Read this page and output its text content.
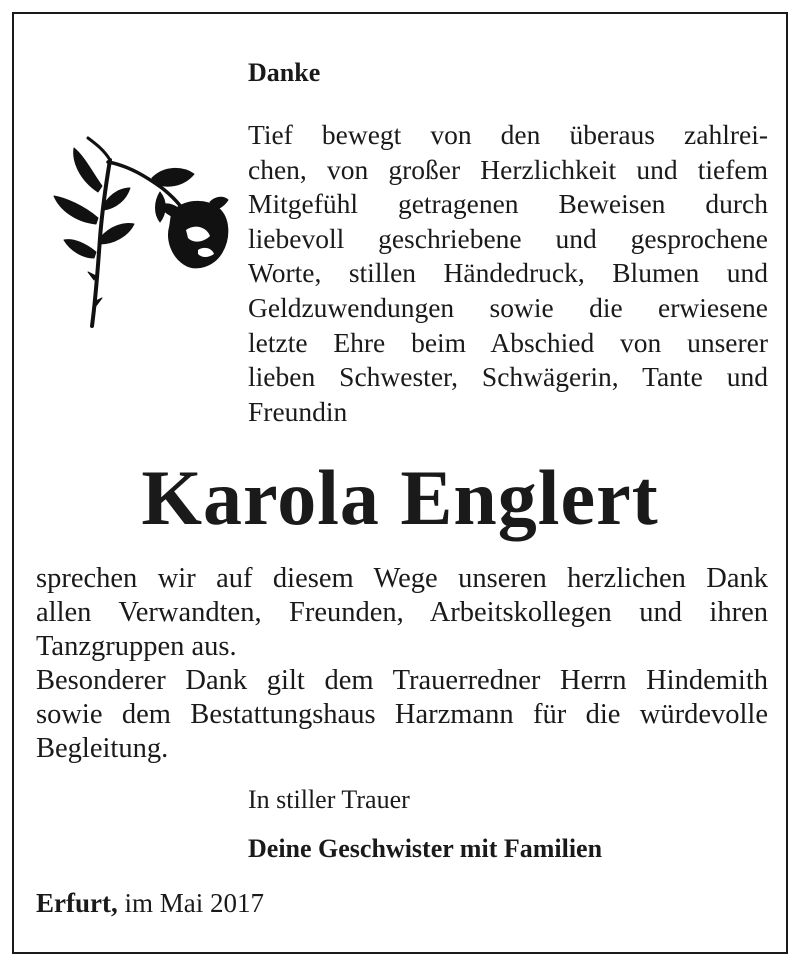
Danke
Tief bewegt von den überaus zahlrei-
chen, von großer Herzlichkeit und tiefem
Mitgefühl getragenen Beweisen durch
liebevoll geschriebene und gesprochene
Worte, stillen Händedruck, Blumen und
Geldzuwendungen sowie die erwiesene
letzte Ehre beim Abschied von unserer
lieben Schwester, Schwägerin, Tante und
Freundin
Karola Englert
sprechen wir auf diesem Wege unseren herzlichen Dank
allen Verwandten, Freunden, Arbeitskollegen und ihren
Tanzgruppen aus.
Besonderer Dank gilt dem Trauerredner Herrn Hindemith
sowie dem Bestattungshaus Harzmann für die würdevolle
Begleitung.
In stiller Trauer
Deine Geschwister mit Familien
Erfurt, im Mai 2017
